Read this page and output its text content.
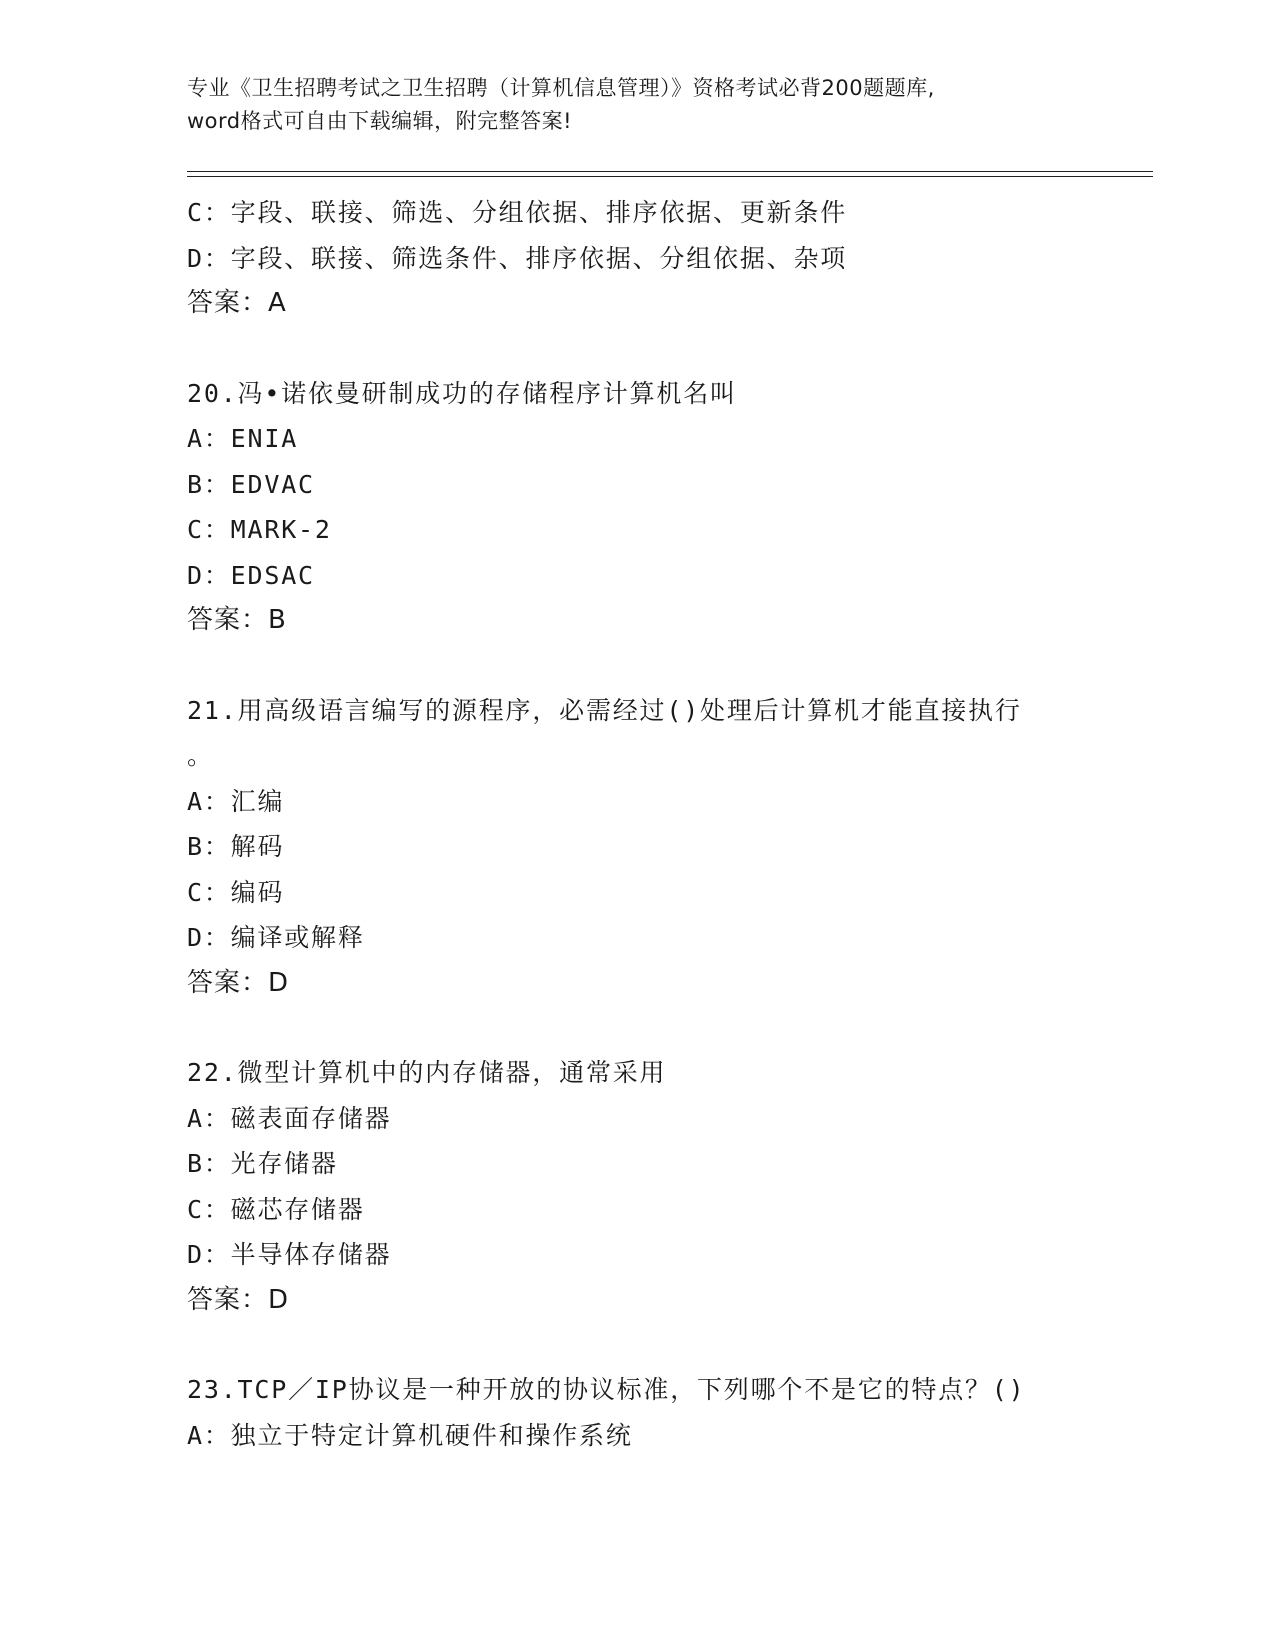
专业《卫生招聘考试之卫生招聘（计算机信息管理）》资格考试必背200题题库,
word格式可自由下载编辑，附完整答案!
C：字段、联接、筛选、分组依据、排序依据、更新条件
D：字段、联接、筛选条件、排序依据、分组依据、杂项
答案：A
20.冯•诺依曼研制成功的存储程序计算机名叫
A：ENIA
B：EDVAC
C：MARK-2
D：EDSAC
答案：B
21.用高级语言编写的源程序，必需经过()处理后计算机才能直接执行
。
A：汇编
B：解码
C：编码
D：编译或解释
答案：D
22.微型计算机中的内存储器，通常采用
A：磁表面存储器
B：光存储器
C：磁芯存储器
D：半导体存储器
答案：D
23.TCP／IP协议是一种开放的协议标准，下列哪个不是它的特点？()
A：独立于特定计算机硬件和操作系统
